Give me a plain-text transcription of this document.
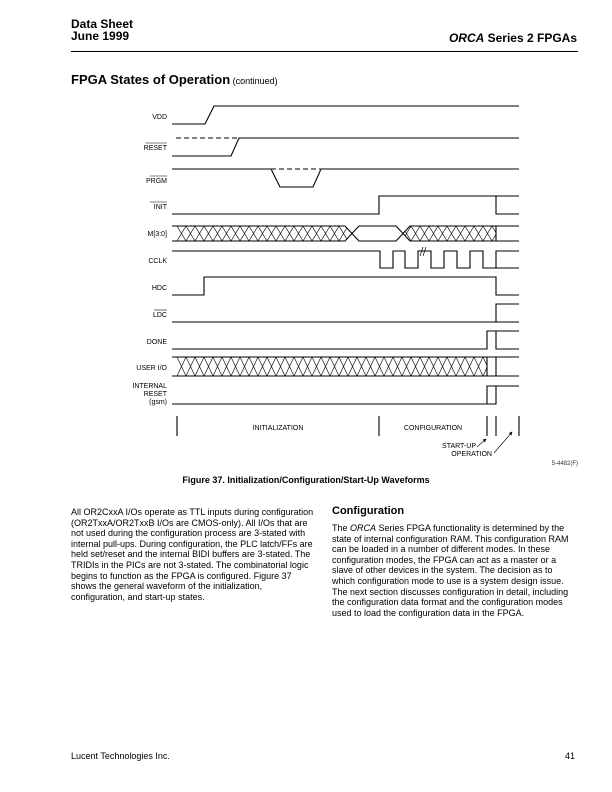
Data Sheet
June 1999	ORCA Series 2 FPGAs
FPGA States of Operation (continued)
VDD
RESET
PRGM
INIT
M[3:0]
CCLK
HDC
LDC
DONE
USER I/O
INTERNAL
RESET
(gsm)
INITIALIZATION	CONFIGURATION
START-UP
OPERATION
5-4482(F)
Figure 37. Initialization/Configuration/Start-Up Waveforms
All OR2CxxA I/Os operate as TTL inputs during configuration (OR2TxxA/OR2TxxB I/Os are CMOS-only). All I/Os that are not used during the configuration process are 3-stated with internal pull-ups. During configuration, the PLC latch/FFs are held set/reset and the internal BIDI buffers are 3-stated. The TRIDIs in the PICs are not 3-stated. The combinatorial logic begins to function as the FPGA is configured. Figure 37 shows the general waveform of the initialization, configuration, and start-up states.
Configuration
The ORCA Series FPGA functionality is determined by the state of internal configuration RAM. This configuration RAM can be loaded in a number of different modes. In these configuration modes, the FPGA can act as a master or a slave of other devices in the system. The decision as to which configuration mode to use is a system design issue. The next section discusses configuration in detail, including the configuration data format and the configuration modes used to load the configuration data in the FPGA.
Lucent Technologies Inc.	41
